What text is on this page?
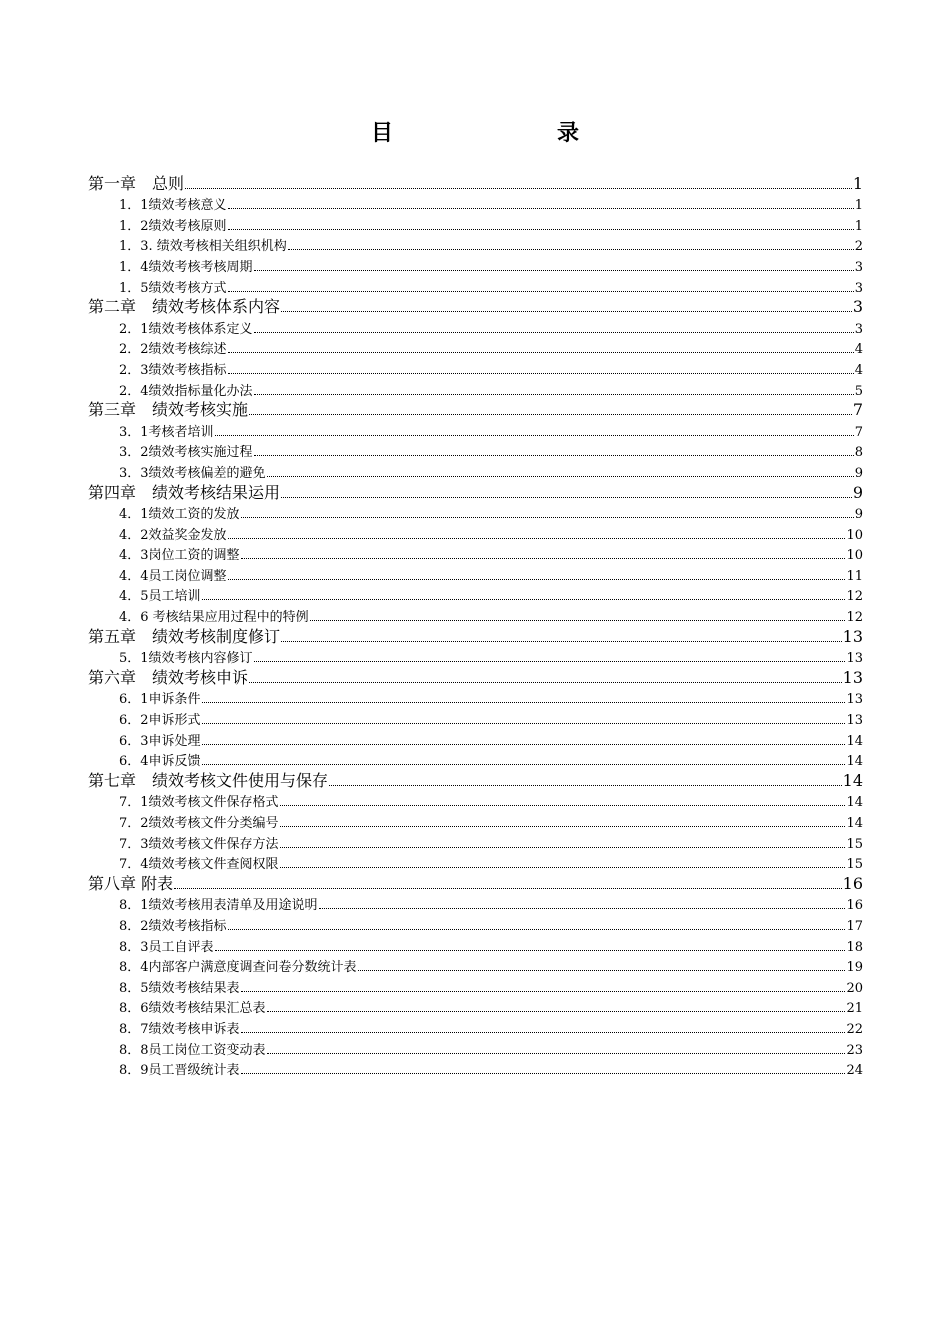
目　　录
第一章　总则	1
1．1绩效考核意义	1
1．2绩效考核原则	1
1．3. 绩效考核相关组织机构	2
1．4绩效考核考核周期	3
1．5绩效考核方式	3
第二章　绩效考核体系内容	3
2．1绩效考核体系定义	3
2．2绩效考核综述	4
2．3绩效考核指标	4
2．4绩效指标量化办法	5
第三章　绩效考核实施	7
3．1考核者培训	7
3．2绩效考核实施过程	8
3．3绩效考核偏差的避免	9
第四章　绩效考核结果运用	9
4．1绩效工资的发放	9
4．2效益奖金发放	10
4．3岗位工资的调整	10
4．4员工岗位调整	11
4．5员工培训	12
4．6 考核结果应用过程中的特例	12
第五章　绩效考核制度修订	13
5．1绩效考核内容修订	13
第六章　绩效考核申诉	13
6．1申诉条件	13
6．2申诉形式	13
6．3申诉处理	14
6．4申诉反馈	14
第七章　绩效考核文件使用与保存	14
7．1绩效考核文件保存格式	14
7．2绩效考核文件分类编号	14
7．3绩效考核文件保存方法	15
7．4绩效考核文件查阅权限	15
第八章 附表	16
8．1绩效考核用表清单及用途说明	16
8．2绩效考核指标	17
8．3员工自评表	18
8．4内部客户满意度调查问卷分数统计表	19
8．5绩效考核结果表	20
8．6绩效考核结果汇总表	21
8．7绩效考核申诉表	22
8．8员工岗位工资变动表	23
8．9员工晋级统计表	24
